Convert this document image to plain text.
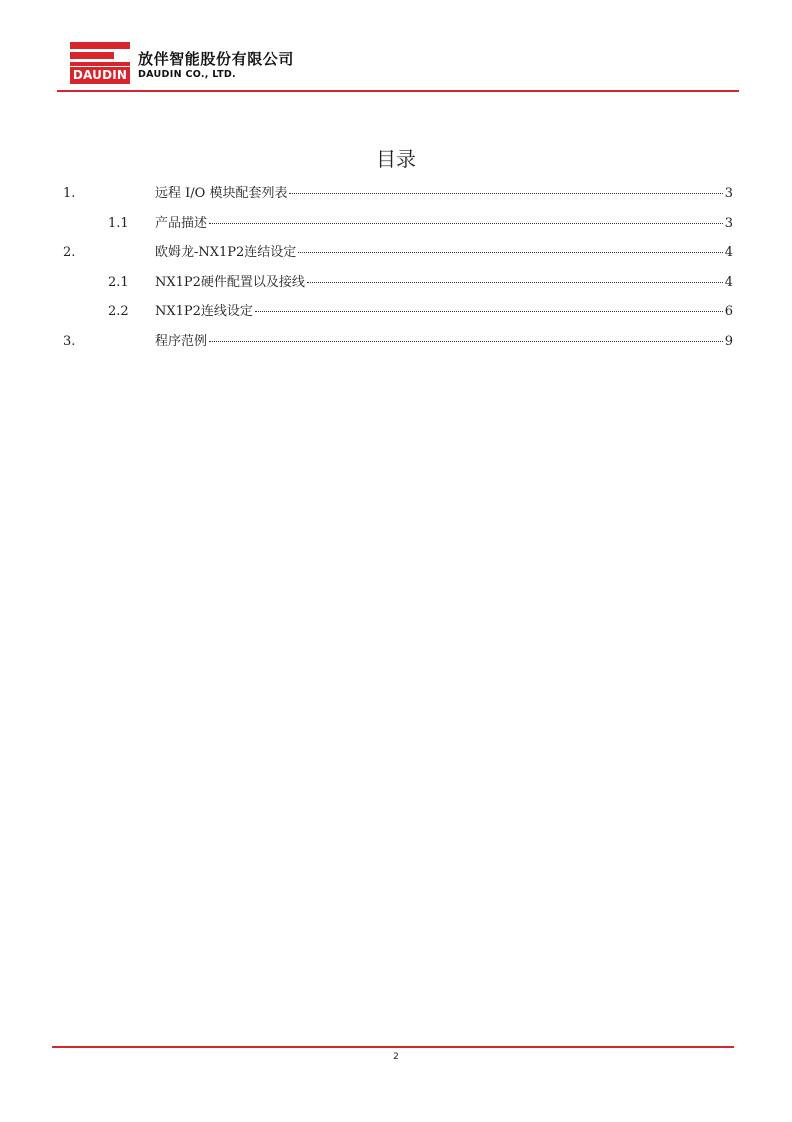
DAUDIN
放伴智能股份有限公司
DAUDIN CO., LTD.
目录
1.	远程 I/O 模块配套列表	3
1.1 产品描述	3
2.	欧姆龙-NX1P2连结设定	4
2.1 NX1P2硬件配置以及接线	4
2.2 NX1P2连线设定	6
3.	程序范例	9
2
